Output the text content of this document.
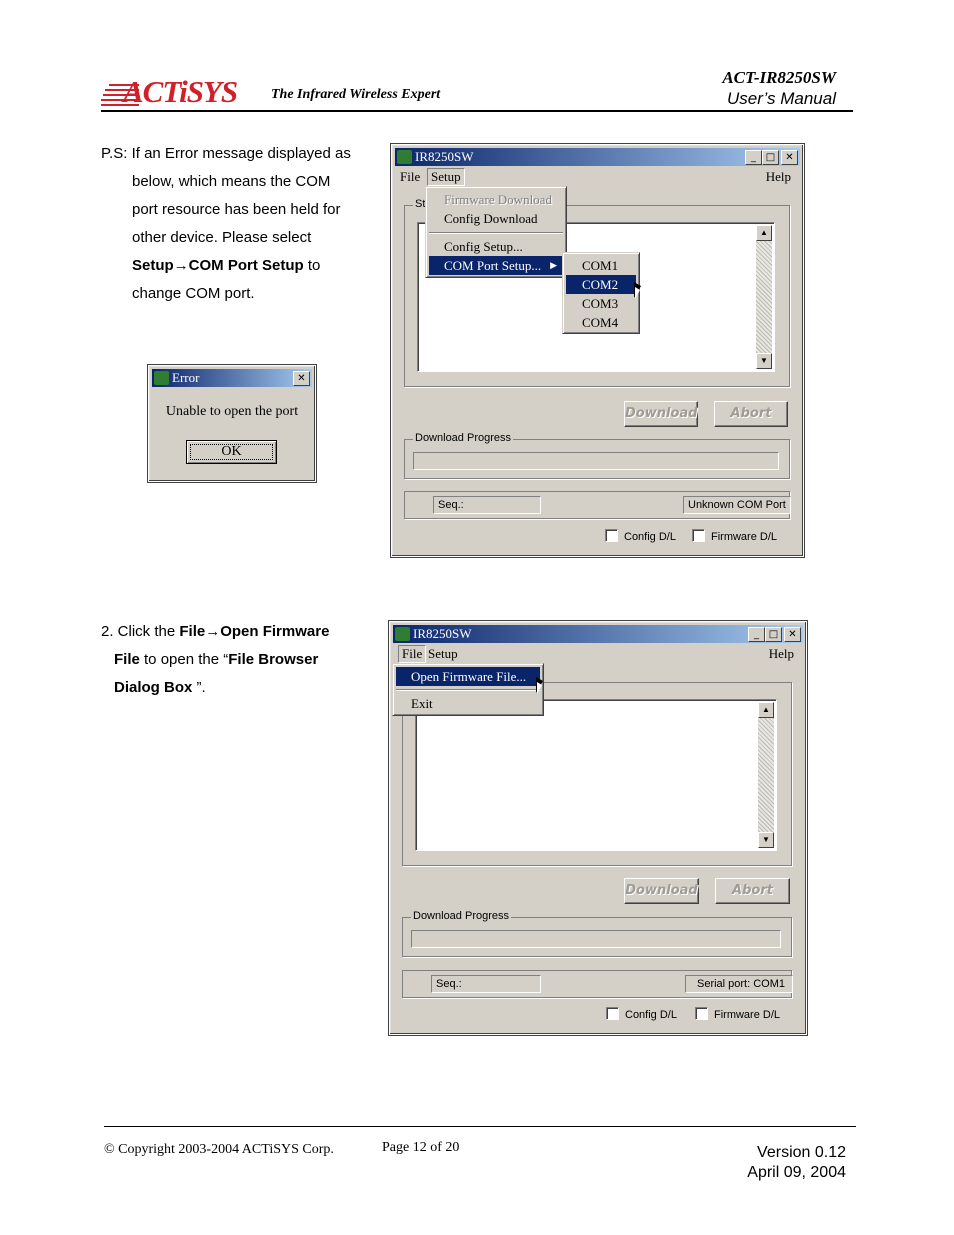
ACTiSYS The Infrared Wireless Expert
ACT-IR8250SW
User’s Manual
P.S: If an Error message displayed as
below, which means the COM
port resource has been held for
other device. Please select
Setup→COM Port Setup to
change COM port.
Error	✕
Unable to open the port
OK
IR8250SW	_ □	✕
File Setup	Help
St
▲
▼
Download	Abort
Download Progress
Seq.:	Unknown COM Port
Config D/L	Firmware D/L
Firmware Download
Config Download
Config Setup...
COM Port Setup... ▶	COM1
COM2
COM3
COM4
2. Click the File→Open Firmware
File to open the “File Browser
Dialog Box ”.
IR8250SW	_ □	✕
File Setup	Help
▲
▼
Download	Abort
Download Progress
Seq.:	Serial port: COM1
Config D/L	Firmware D/L
Open Firmware File...
Exit
© Copyright 2003-2004 ACTiSYS Corp.	Page 12 of 20	Version 0.12
April 09, 2004
